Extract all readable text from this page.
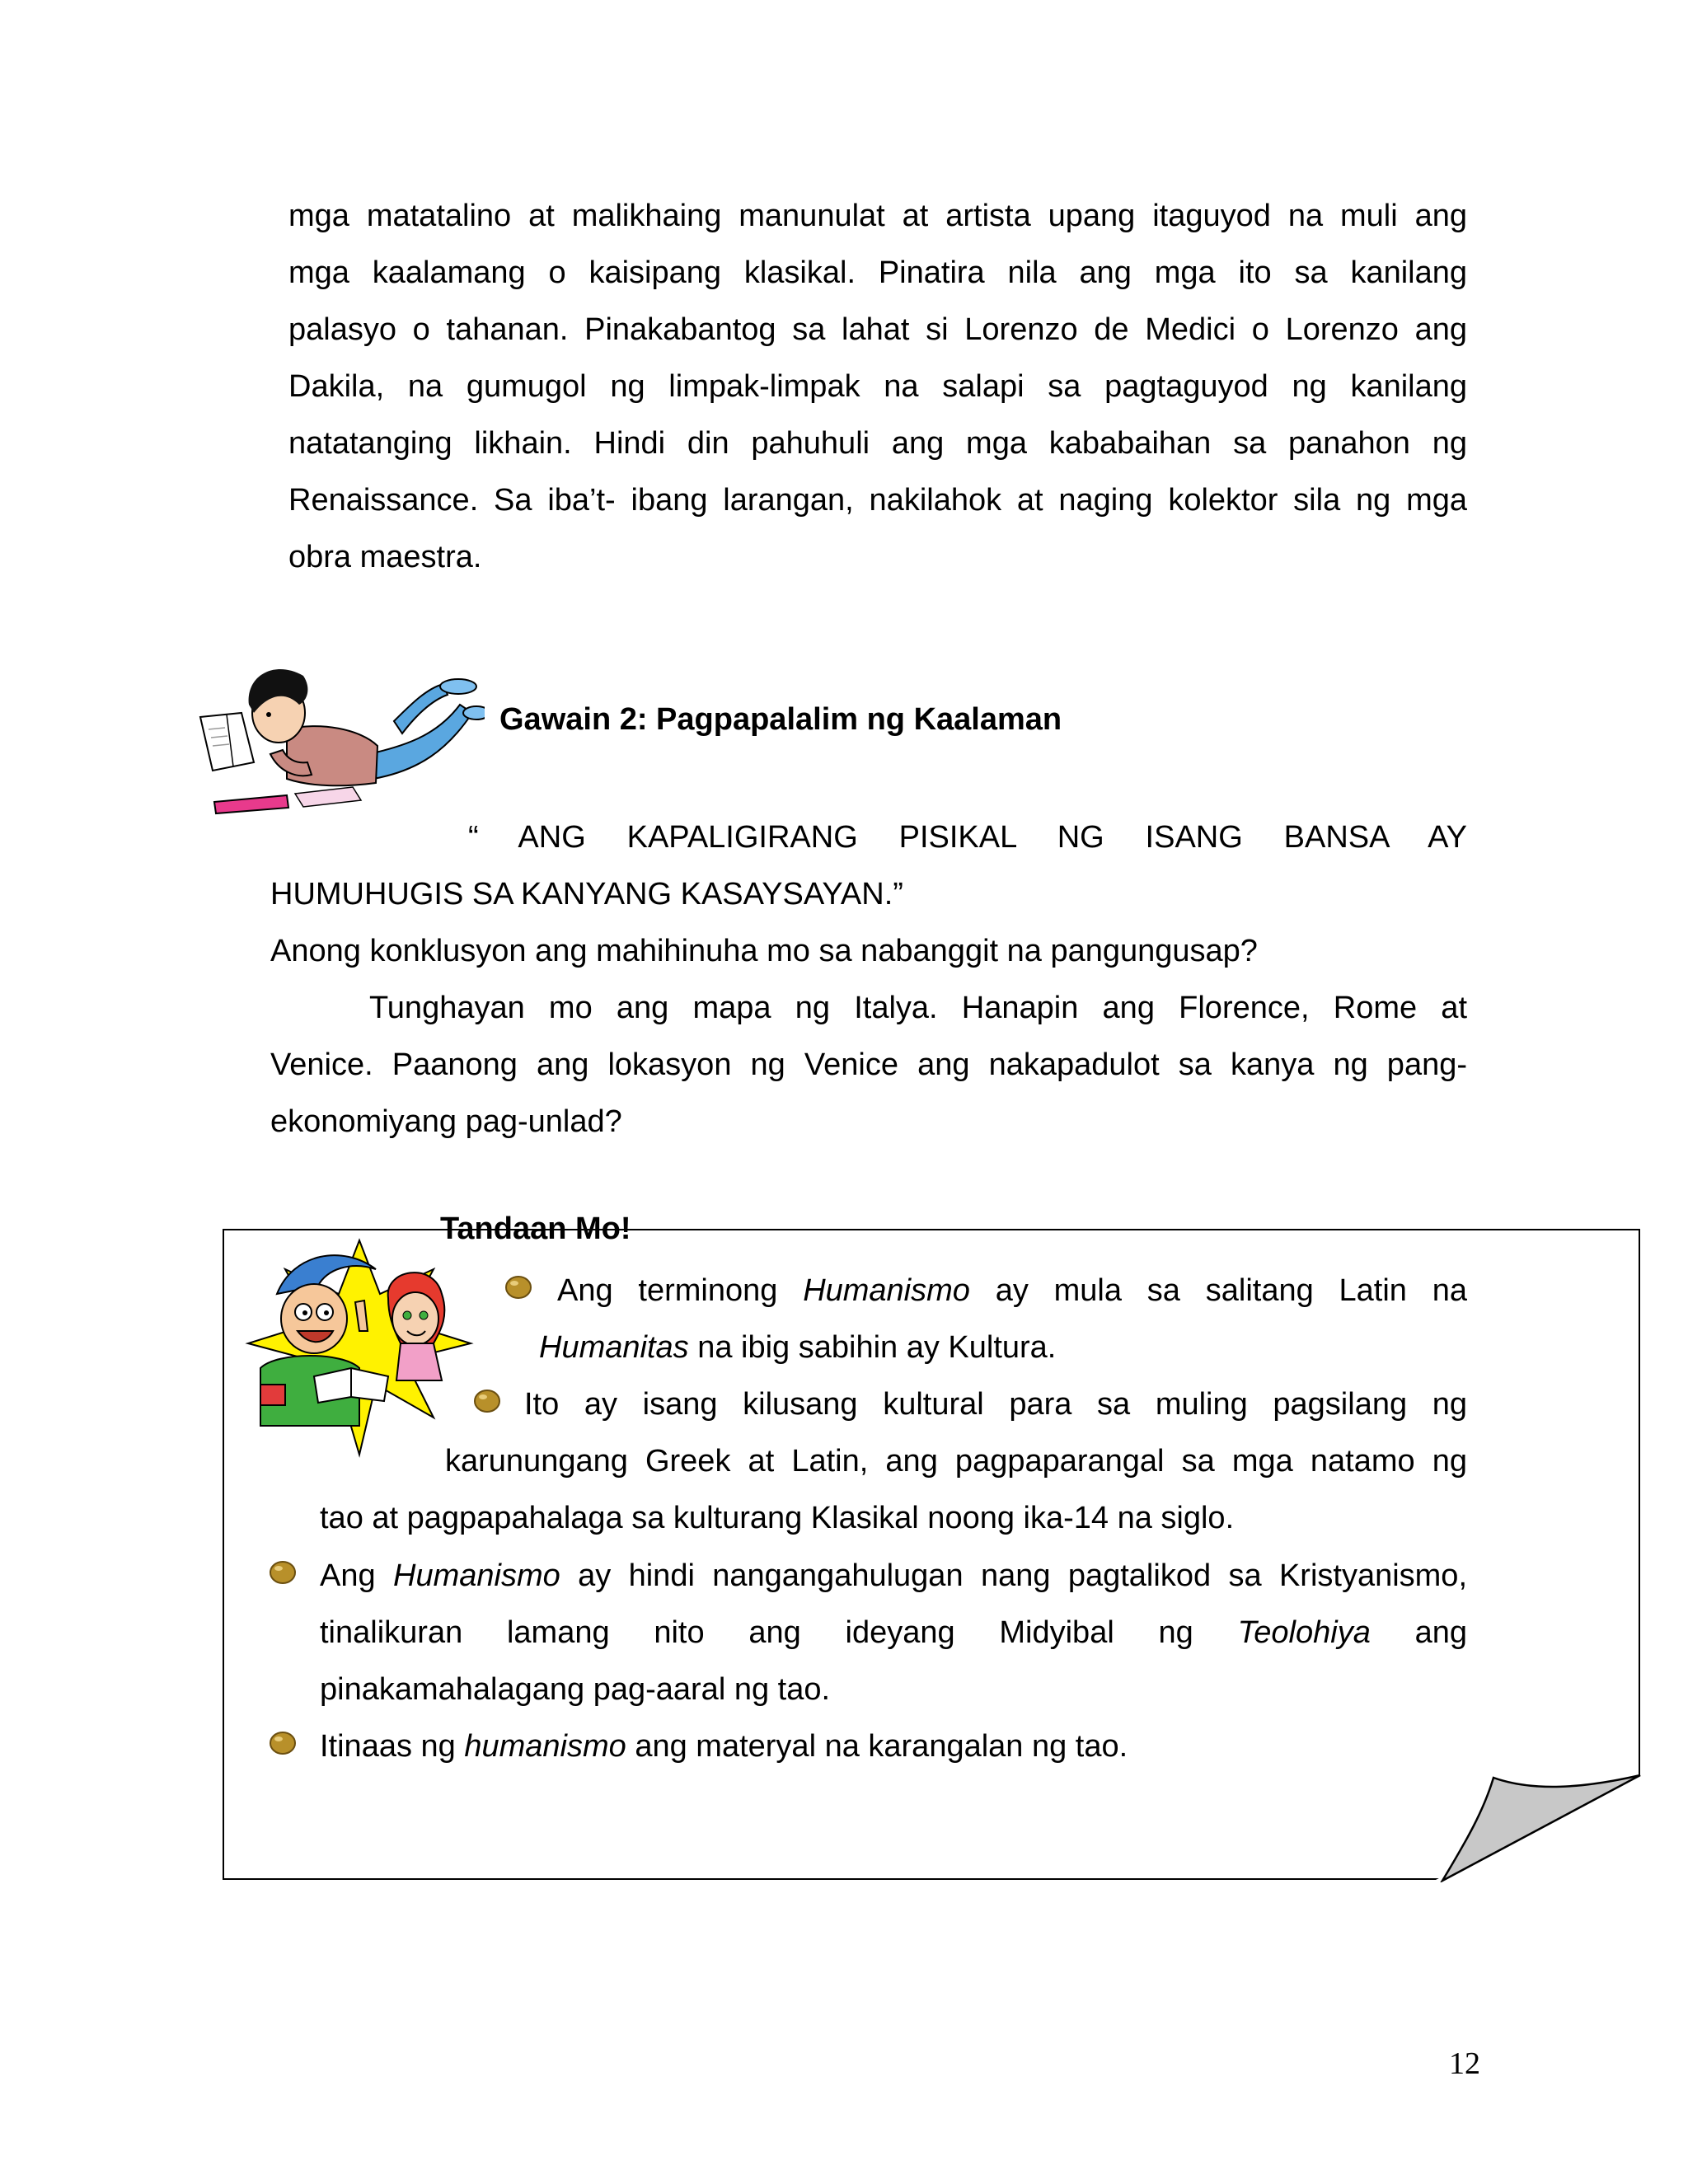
mga matatalino at malikhaing manunulat at artista upang itaguyod na muli ang
mga kaalamang o kaisipang klasikal. Pinatira nila ang mga ito sa kanilang
palasyo o tahanan. Pinakabantog sa lahat si Lorenzo de Medici o Lorenzo ang
Dakila, na gumugol ng limpak-limpak na salapi sa pagtaguyod ng kanilang
natatanging likhain. Hindi din pahuhuli ang mga kababaihan sa panahon ng
Renaissance. Sa iba’t- ibang larangan, nakilahok at naging kolektor sila ng mga
obra maestra.
Gawain 2: Pagpapalalim ng Kaalaman
“ ANG KAPALIGIRANG PISIKAL NG ISANG BANSA AY
HUMUHUGIS SA KANYANG KASAYSAYAN.”
Anong konklusyon ang mahihinuha mo sa nabanggit na pangungusap?
Tunghayan mo ang mapa ng Italya. Hanapin ang Florence, Rome at
Venice. Paanong ang lokasyon ng Venice ang nakapadulot sa kanya ng pang-
ekonomiyang pag-unlad?
Tandaan Mo!
Ang terminong Humanismo ay mula sa salitang Latin na
Humanitas na ibig sabihin ay Kultura.
Ito ay isang kilusang kultural para sa muling pagsilang ng
karunungang Greek at Latin, ang pagpaparangal sa mga natamo ng
tao at pagpapahalaga sa kulturang Klasikal noong ika-14 na siglo.
Ang Humanismo ay hindi nangangahulugan nang pagtalikod sa Kristyanismo,
tinalikuran lamang nito ang ideyang Midyibal ng Teolohiya ang
pinakamahalagang pag-aaral ng tao.
Itinaas ng humanismo ang materyal na karangalan ng tao.
12
